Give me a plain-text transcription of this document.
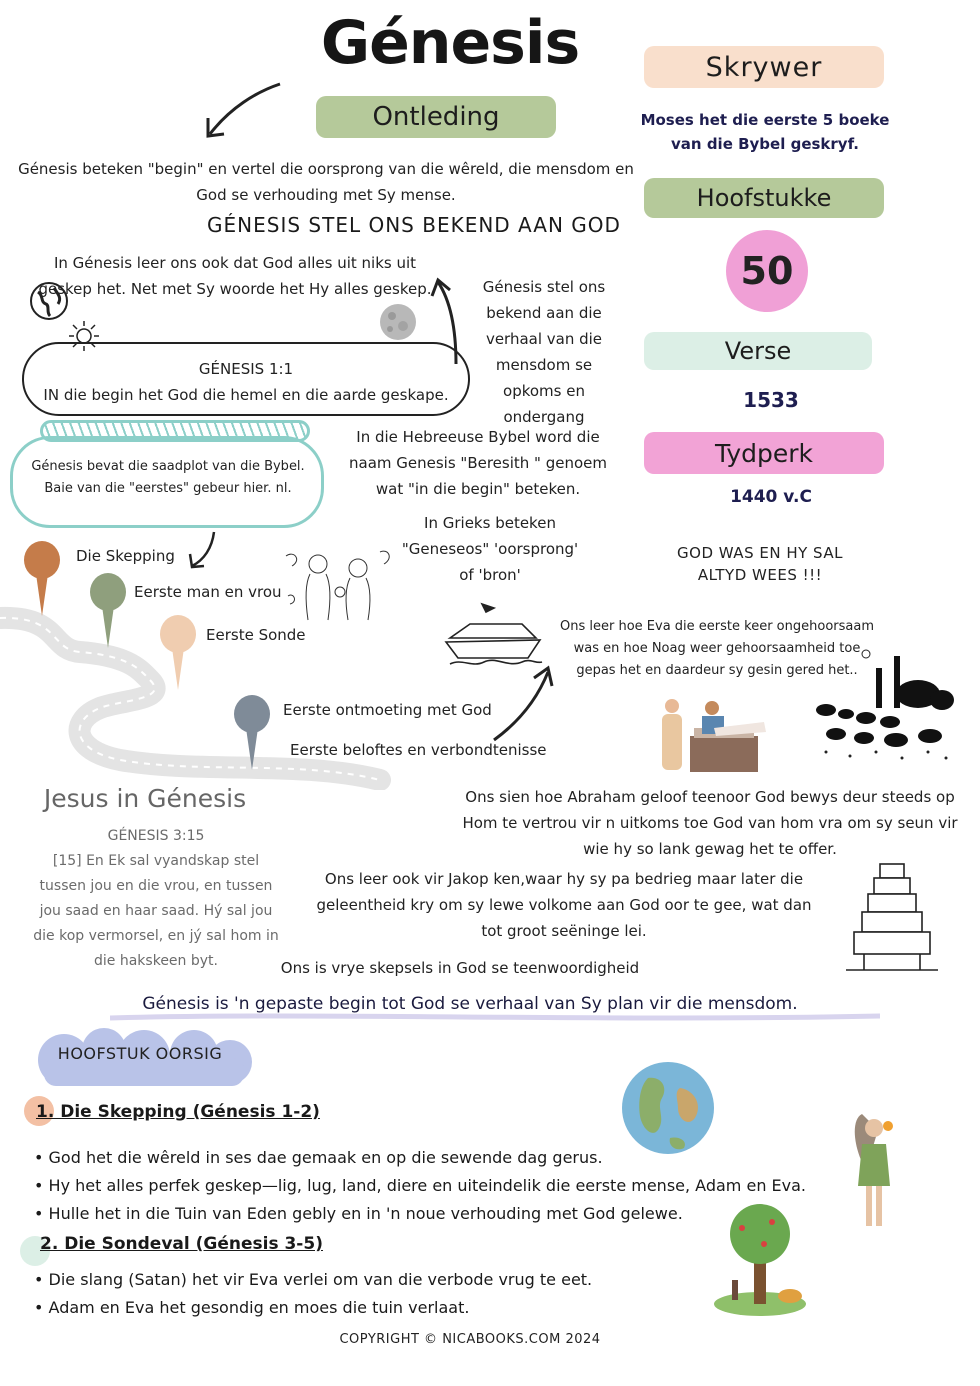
Génesis
Ontleding
Génesis beteken "begin" en vertel die oorsprong van die wêreld, die mensdom en God se verhouding met Sy mense.
GÉNESIS STEL ONS BEKEND AAN GOD
In Génesis leer ons ook dat God alles uit niks uit geskep het. Net met Sy woorde het Hy alles geskep.	Génesis stel ons bekend aan die verhaal van die mensdom se opkoms en ondergang
GÉNESIS 1:1
IN die begin het God die hemel en die aarde geskape.
Génesis bevat die saadplot van die Bybel. Baie van die "eerstes" gebeur hier. nl.
In die Hebreeuse Bybel word die naam Genesis "Beresith " genoem wat "in die begin" beteken.
In Grieks beteken "Geneseos" 'oorsprong' of 'bron'
Die Skepping
Eerste man en vrou
Eerste Sonde
Eerste ontmoeting met God
Eerste beloftes en verbondtenisse
Ons leer hoe Eva die eerste keer ongehoorsaam was en hoe Noag weer gehoorsaamheid toe gepas het en daardeur sy gesin gered het..
Skrywer
Moses het die eerste 5 boeke van die Bybel geskryf.
Hoofstukke
50
Verse
1533
Tydperk
1440 v.C
GOD WAS EN HY SAL ALTYD WEES !!!
Jesus in Génesis
GÉNESIS 3:15
[15] En Ek sal vyandskap stel tussen jou en die vrou, en tussen jou saad en haar saad. Hý sal jou die kop vermorsel, en jý sal hom in die hakskeen byt.
Ons sien hoe Abraham geloof teenoor God bewys deur steeds op Hom te vertrou vir n uitkoms toe God van hom vra om sy seun vir wie hy so lank gewag het te offer.
Ons leer ook vir Jakop ken,waar hy sy pa bedrieg maar later die geleentheid kry om sy lewe volkome aan God oor te gee, wat dan tot groot seëninge lei.
Ons is vrye skepsels in God se teenwoordigheid
Génesis is 'n gepaste begin tot God se verhaal van Sy plan vir die mensdom.
HOOFSTUK OORSIG
1. Die Skepping (Génesis 1-2)
• God het die wêreld in ses dae gemaak en op die sewende dag gerus.
• Hy het alles perfek geskep—lig, lug, land, diere en uiteindelik die eerste mense, Adam en Eva.
• Hulle het in die Tuin van Eden gebly en in 'n noue verhouding met God gelewe.
2. Die Sondeval (Génesis 3-5)
• Die slang (Satan) het vir Eva verlei om van die verbode vrug te eet.
• Adam en Eva het gesondig en moes die tuin verlaat.
COPYRIGHT © NICABOOKS.COM 2024
